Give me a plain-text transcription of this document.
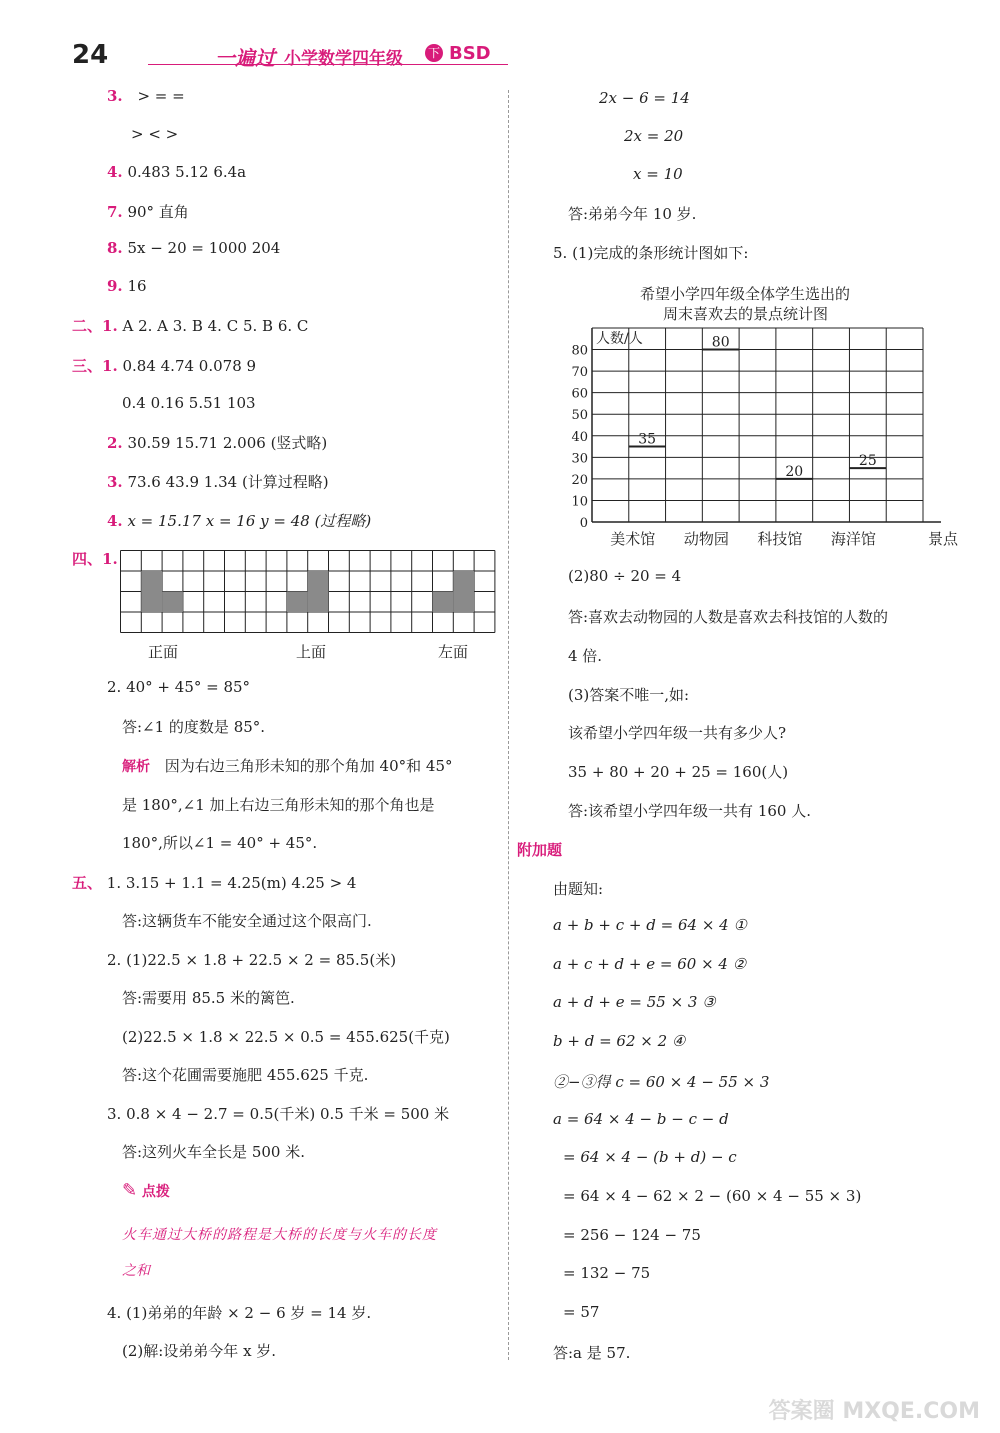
24	一遍过 小学数学四年级 下 BSD
3. > = =
> < >
4. 0.483 5.12 6.4a
7. 90° 直角
8. 5x − 20 = 1000 204
9. 16
二、1. A 2. A 3. B 4. C 5. B 6. C
三、1. 0.84 4.74 0.078 9
0.4 0.16 5.51 103
2. 30.59 15.71 2.006 (竖式略)
3. 73.6 43.9 1.34 (计算过程略)
4. x = 15.17 x = 16 y = 48 (过程略)
四、1.
正面	上面	左面
2. 40° + 45° = 85°
答:∠1 的度数是 85°.
解析 因为右边三角形未知的那个角加 40°和 45°
是 180°,∠1 加上右边三角形未知的那个角也是
180°,所以∠1 = 40° + 45°.
五、 1. 3.15 + 1.1 = 4.25(m) 4.25 > 4
答:这辆货车不能安全通过这个限高门.
2. (1)22.5 × 1.8 + 22.5 × 2 = 85.5(米)
答:需要用 85.5 米的篱笆.
(2)22.5 × 1.8 × 22.5 × 0.5 = 455.625(千克)
答:这个花圃需要施肥 455.625 千克.
3. 0.8 × 4 − 2.7 = 0.5(千米) 0.5 千米 = 500 米
答:这列火车全长是 500 米.
✎ 点拨
火车通过大桥的路程是大桥的长度与火车的长度
之和
4. (1)弟弟的年龄 × 2 − 6 岁 = 14 岁.
(2)解:设弟弟今年 x 岁.
2x − 6 = 14
2x = 20
x = 10
答:弟弟今年 10 岁.
5. (1)完成的条形统计图如下:
希望小学四年级全体学生选出的
周末喜欢去的景点统计图
0
10
20
30
40
50
60
70
80
人数/人
35
美术馆
80
动物园
20
科技馆
25
海洋馆	景点
(2)80 ÷ 20 = 4
答:喜欢去动物园的人数是喜欢去科技馆的人数的
4 倍.
(3)答案不唯一,如:
该希望小学四年级一共有多少人?
35 + 80 + 20 + 25 = 160(人)
答:该希望小学四年级一共有 160 人.
附加题
由题知:
a + b + c + d = 64 × 4 ①
a + c + d + e = 60 × 4 ②
a + d + e = 55 × 3 ③
b + d = 62 × 2 ④
②−③得 c = 60 × 4 − 55 × 3
a = 64 × 4 − b − c − d
= 64 × 4 − (b + d) − c
= 64 × 4 − 62 × 2 − (60 × 4 − 55 × 3)
= 256 − 124 − 75
= 132 − 75
= 57
答:a 是 57.
答案圈 MXQE.COM
